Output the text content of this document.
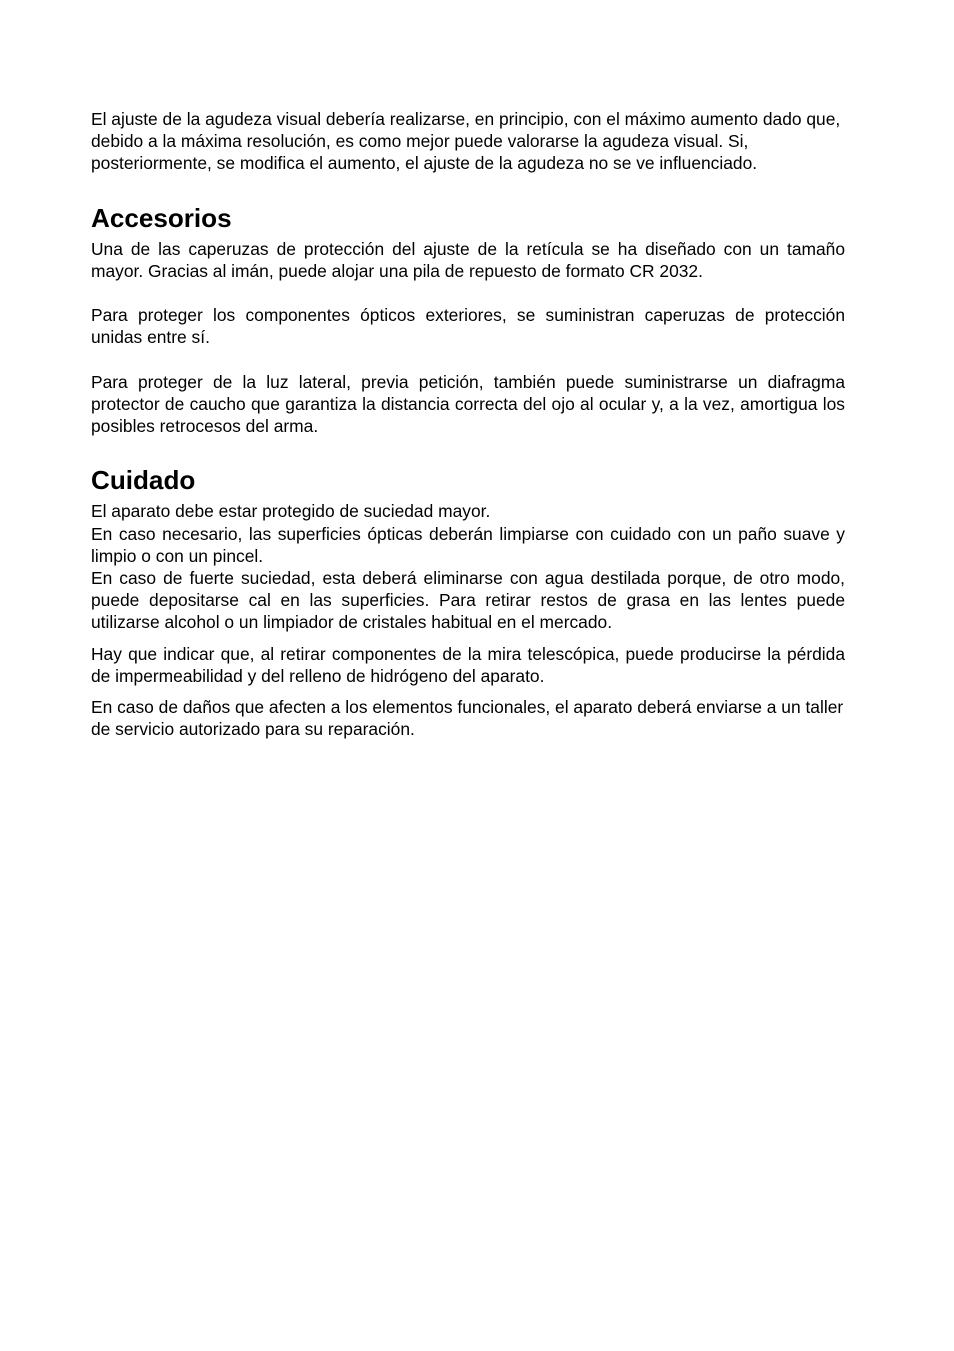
El ajuste de la agudeza visual debería realizarse, en principio, con el máximo aumento dado que, debido a la máxima resolución, es como mejor puede valorarse la agudeza visual. Si, posteriormente, se modifica el aumento, el ajuste de la agudeza no se ve influenciado.

Accesorios

Una de las caperuzas de protección del ajuste de la retícula se ha diseñado con un tamaño mayor. Gracias al imán, puede alojar una pila de repuesto de formato CR 2032.

Para proteger los componentes ópticos exteriores, se suministran caperuzas de protección unidas entre sí.

Para proteger de la luz lateral, previa petición, también puede suministrarse un diafragma protector de caucho que garantiza la distancia correcta del ojo al ocular y, a la vez, amortigua los posibles retrocesos del arma.

Cuidado

El aparato debe estar protegido de suciedad mayor.

En caso necesario, las superficies ópticas deberán limpiarse con cuidado con un paño suave y limpio o con un pincel.

En caso de fuerte suciedad, esta deberá eliminarse con agua destilada porque, de otro modo, puede depositarse cal en las superficies. Para retirar restos de grasa en las lentes puede utilizarse alcohol o un limpiador de cristales habitual en el mercado.

Hay que indicar que, al retirar componentes de la mira telescópica, puede producirse la pérdida de impermeabilidad y del relleno de hidrógeno del aparato.

En caso de daños que afecten a los elementos funcionales, el aparato deberá enviarse a un taller de servicio autorizado para su reparación.
